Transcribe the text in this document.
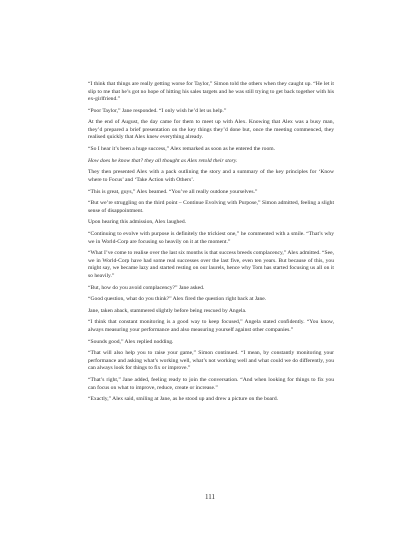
“I think that things are really getting worse for Taylor,” Simon told the others when they caught up. “He let it slip to me that he’s got no hope of hitting his sales targets and he was still trying to get back together with his ex-girlfriend.”

“Poor Taylor,” Jane responded. “I only wish he’d let us help.”

At the end of August, the day came for them to meet up with Alex. Knowing that Alex was a busy man, they’d prepared a brief presentation on the key things they’d done but, once the meeting commenced, they realised quickly that Alex knew everything already.

“So I hear it’s been a huge success,” Alex remarked as soon as he entered the room.

How does he know that? they all thought as Alex retold their story.

They then presented Alex with a pack outlining the story and a summary of the key principles for ‘Know where to Focus’ and ‘Take Action with Others’.

“This is great, guys,” Alex beamed. “You’ve all really outdone yourselves.”

“But we’re struggling on the third point – Continue Evolving with Purpose,” Simon admitted, feeling a slight sense of disappointment.

Upon hearing this admission, Alex laughed.

“Continuing to evolve with purpose is definitely the trickiest one,” he commented with a smile. “That’s why we in World-Corp are focusing so heavily on it at the moment.”

“What I’ve come to realise over the last six months is that success breeds complacency,” Alex admitted. “See, we in World-Corp have had some real successes over the last five, even ten years. But because of this, you might say, we became lazy and started resting on our laurels, hence why Tom has started focusing us all on it so heavily.”

“But, how do you avoid complacency?” Jane asked.

“Good question, what do you think?” Alex fired the question right back at Jane.

Jane, taken aback, stammered slightly before being rescued by Angela.

“I think that constant monitoring is a good way to keep focused,” Angela stated confidently. “You know, always measuring your performance and also measuring yourself against other companies.”

“Sounds good,” Alex replied nodding.

“That will also help you to raise your game,” Simon continued. “I mean, by constantly monitoring your performance and asking what’s working well, what’s not working well and what could we do differently, you can always look for things to fix or improve.”

“That’s right,” Jane added, feeling ready to join the conversation. “And when looking for things to fix you can focus on what to improve, reduce, create or increase.”

“Exactly,” Alex said, smiling at Jane, as he stood up and drew a picture on the board.

111
